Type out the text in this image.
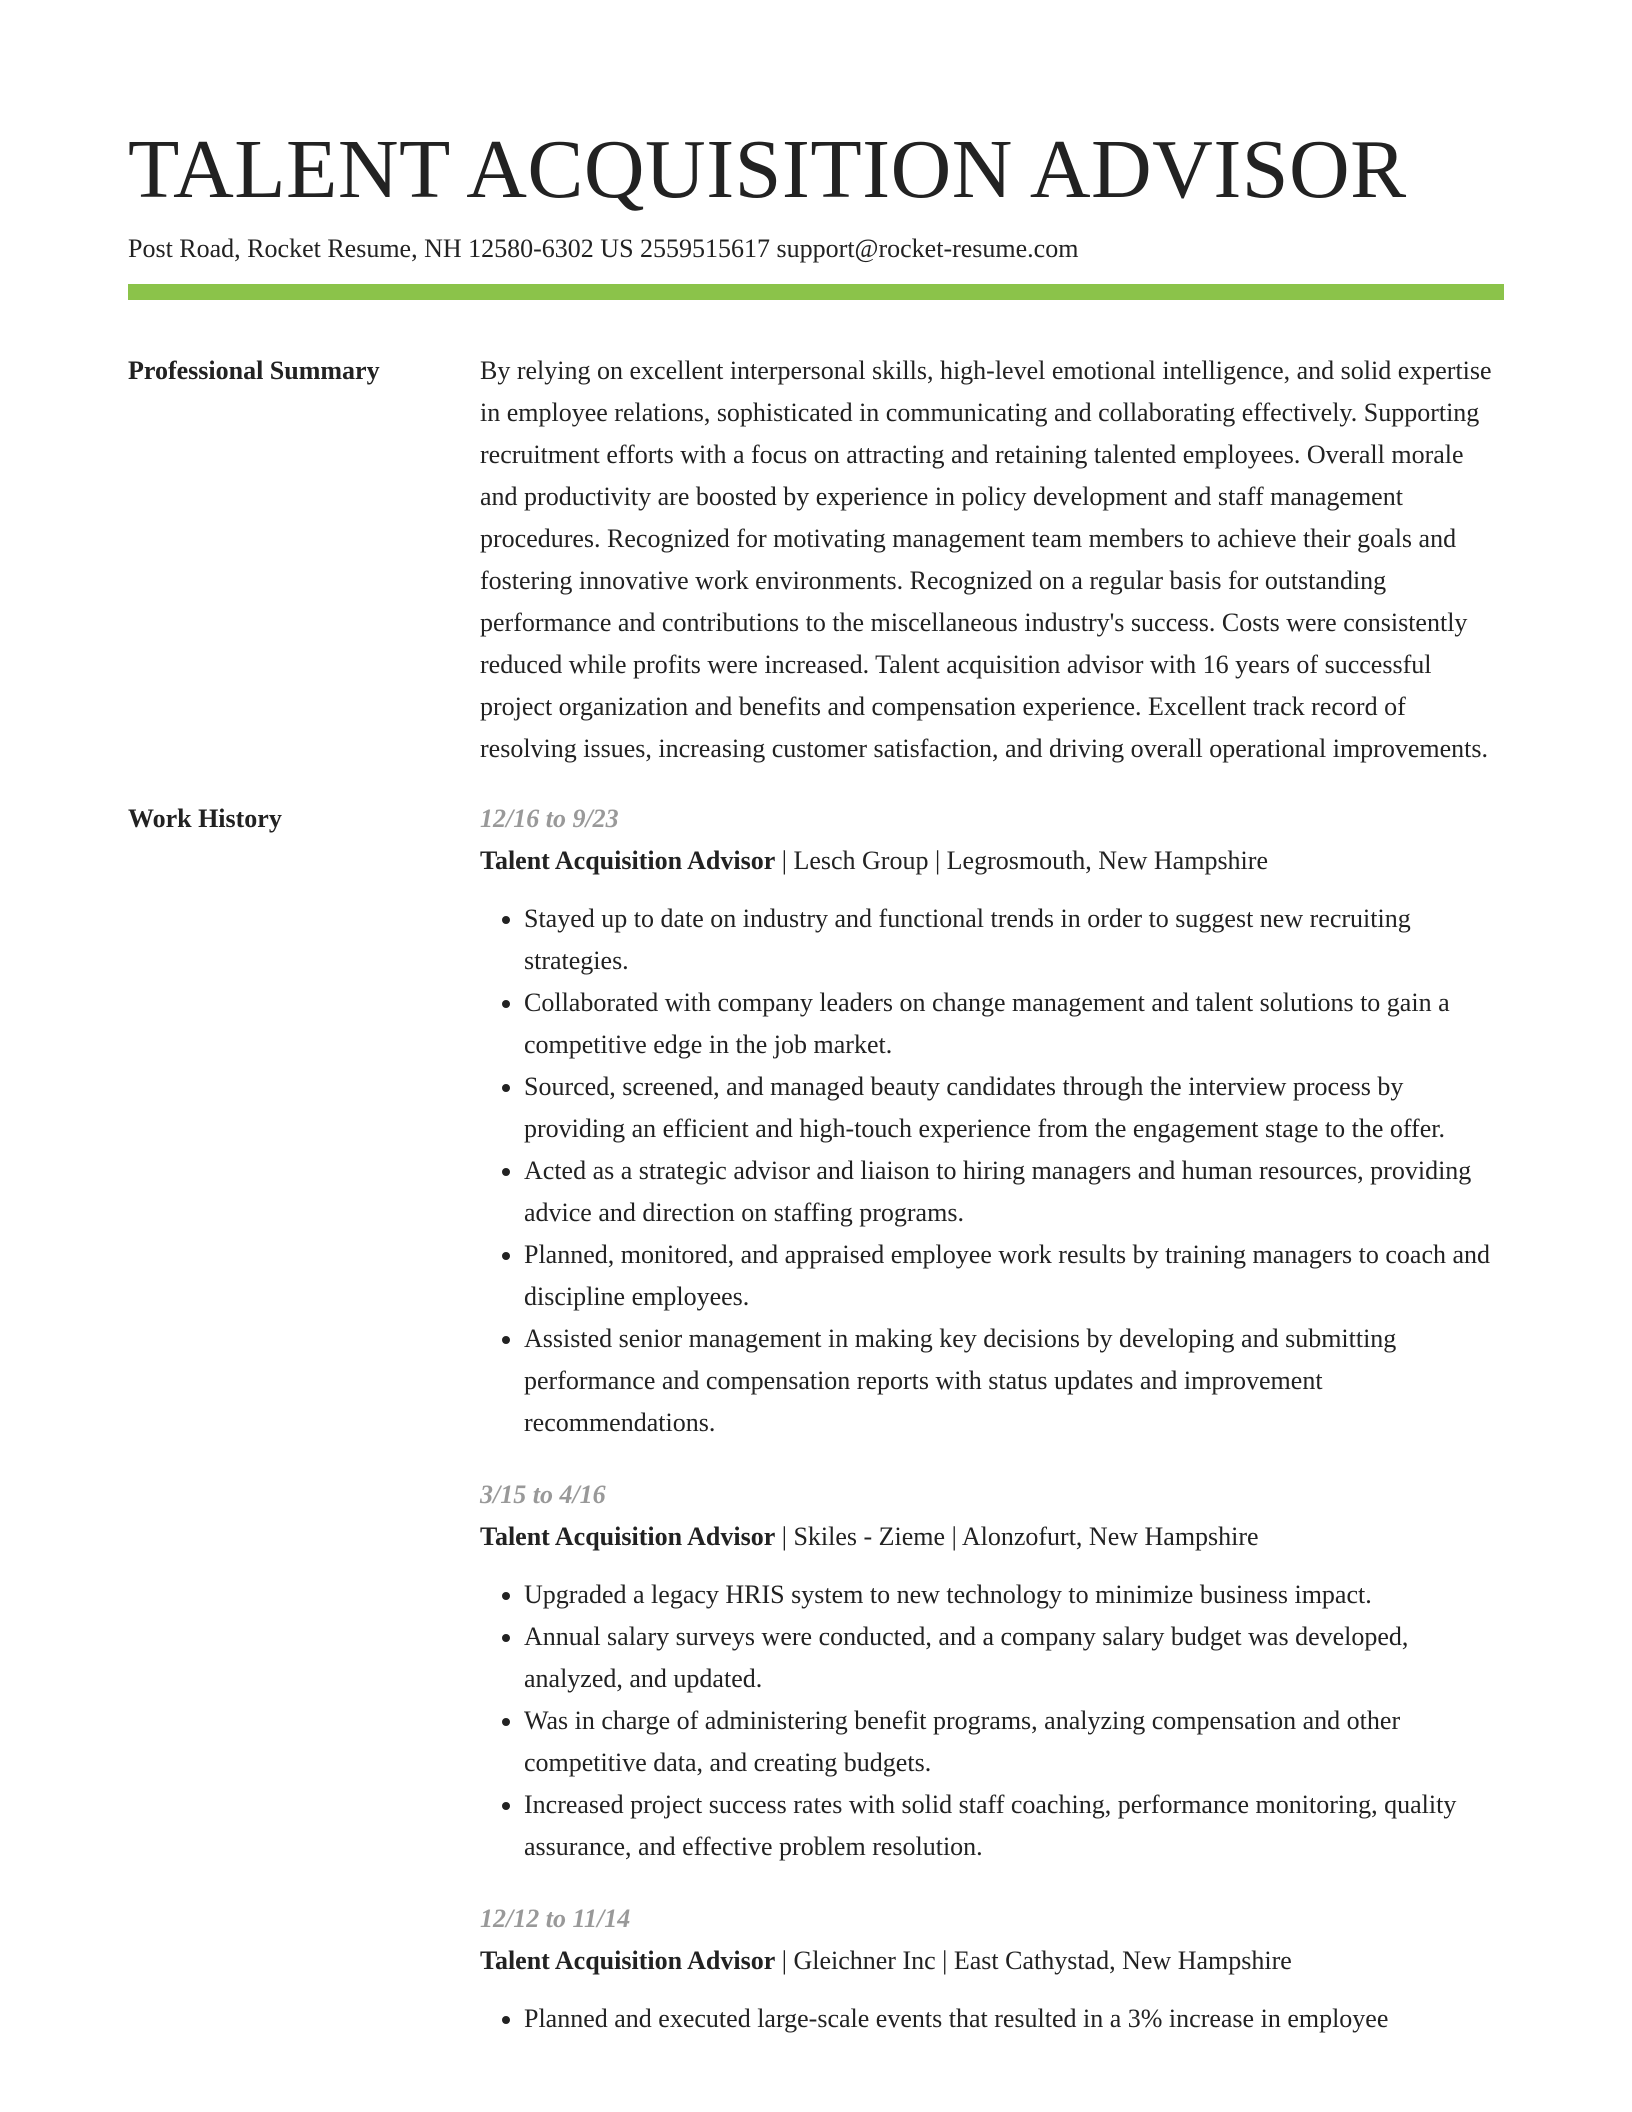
TALENT ACQUISITION ADVISOR
Post Road, Rocket Resume, NH 12580-6302 US 2559515617 support@rocket-resume.com
Professional Summary	By relying on excellent interpersonal skills, high-level emotional intelligence, and solid expertise in employee relations, sophisticated in communicating and collaborating effectively. Supporting recruitment efforts with a focus on attracting and retaining talented employees. Overall morale and productivity are boosted by experience in policy development and staff management procedures. Recognized for motivating management team members to achieve their goals and fostering innovative work environments. Recognized on a regular basis for outstanding performance and contributions to the miscellaneous industry's success. Costs were consistently reduced while profits were increased. Talent acquisition advisor with 16 years of successful project organization and benefits and compensation experience. Excellent track record of resolving issues, increasing customer satisfaction, and driving overall operational improvements.

Work History	12/16 to 9/23
Talent Acquisition Advisor | Lesch Group | Legrosmouth, New Hampshire
• Stayed up to date on industry and functional trends in order to suggest new recruiting strategies.
• Collaborated with company leaders on change management and talent solutions to gain a competitive edge in the job market.
• Sourced, screened, and managed beauty candidates through the interview process by providing an efficient and high-touch experience from the engagement stage to the offer.
• Acted as a strategic advisor and liaison to hiring managers and human resources, providing advice and direction on staffing programs.
• Planned, monitored, and appraised employee work results by training managers to coach and discipline employees.
• Assisted senior management in making key decisions by developing and submitting performance and compensation reports with status updates and improvement recommendations.
3/15 to 4/16
Talent Acquisition Advisor | Skiles - Zieme | Alonzofurt, New Hampshire
• Upgraded a legacy HRIS system to new technology to minimize business impact.
• Annual salary surveys were conducted, and a company salary budget was developed, analyzed, and updated.
• Was in charge of administering benefit programs, analyzing compensation and other competitive data, and creating budgets.
• Increased project success rates with solid staff coaching, performance monitoring, quality assurance, and effective problem resolution.
12/12 to 11/14
Talent Acquisition Advisor | Gleichner Inc | East Cathystad, New Hampshire
• Planned and executed large-scale events that resulted in a 3% increase in employee
